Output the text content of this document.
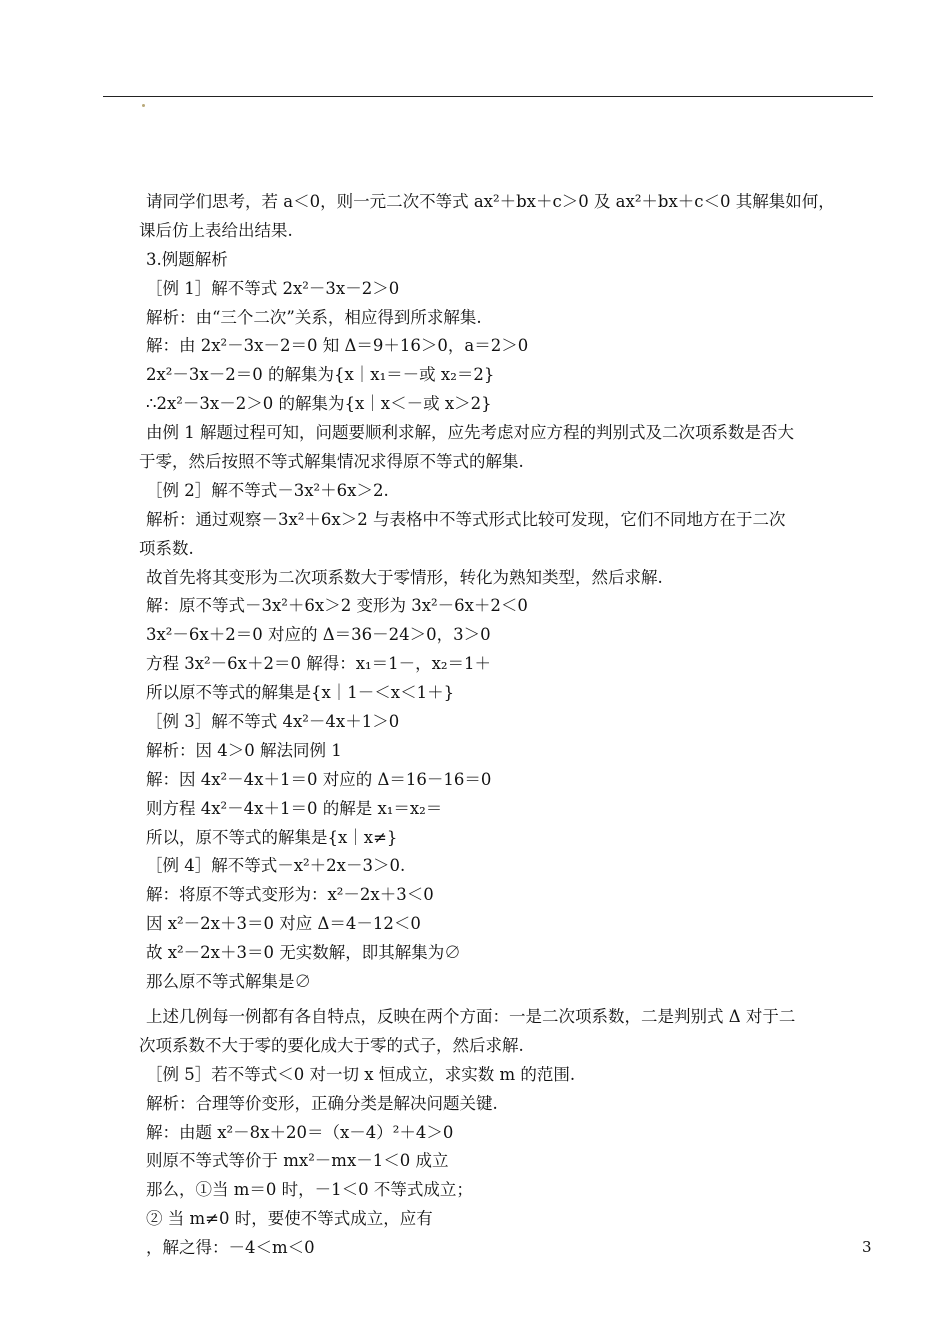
请同学们思考，若 a＜0，则一元二次不等式 ax²＋bx＋c＞0 及 ax²＋bx＋c＜0 其解集如何，
课后仿上表给出结果.
3.例题解析
［例 1］解不等式 2x²－3x－2＞0
解析：由“三个二次”关系，相应得到所求解集.
解：由 2x²－3x－2＝0 知 Δ＝9＋16＞0，a＝2＞0
2x²－3x－2＝0 的解集为{x｜x₁＝－或 x₂＝2}
∴2x²－3x－2＞0 的解集为{x｜x＜－或 x＞2}
由例 1 解题过程可知，问题要顺利求解，应先考虑对应方程的判别式及二次项系数是否大
于零，然后按照不等式解集情况求得原不等式的解集.
［例 2］解不等式－3x²＋6x＞2.
解析：通过观察－3x²＋6x＞2 与表格中不等式形式比较可发现，它们不同地方在于二次
项系数.
故首先将其变形为二次项系数大于零情形，转化为熟知类型，然后求解.
解：原不等式－3x²＋6x＞2 变形为 3x²－6x＋2＜0
3x²－6x＋2＝0 对应的 Δ＝36－24＞0，3＞0
方程 3x²－6x＋2＝0 解得：x₁＝1－，x₂＝1＋
所以原不等式的解集是{x｜1－＜x＜1＋}
［例 3］解不等式 4x²－4x＋1＞0
解析：因 4＞0 解法同例 1
解：因 4x²－4x＋1＝0 对应的 Δ＝16－16＝0
则方程 4x²－4x＋1＝0 的解是 x₁＝x₂＝
所以，原不等式的解集是{x｜x≠}
［例 4］解不等式－x²＋2x－3＞0.
解：将原不等式变形为：x²－2x＋3＜0
因 x²－2x＋3＝0 对应 Δ＝4－12＜0
故 x²－2x＋3＝0 无实数解，即其解集为∅
那么原不等式解集是∅
上述几例每一例都有各自特点，反映在两个方面：一是二次项系数，二是判别式 Δ 对于二
次项系数不大于零的要化成大于零的式子，然后求解.
［例 5］若不等式＜0 对一切 x 恒成立，求实数 m 的范围.
解析：合理等价变形，正确分类是解决问题关键.
解：由题 x²－8x＋20＝（x－4）²＋4＞0
则原不等式等价于 mx²－mx－1＜0 成立
那么，①当 m＝0 时，－1＜0 不等式成立；
② 当 m≠0 时，要使不等式成立，应有
，解之得：－4＜m＜0	3
